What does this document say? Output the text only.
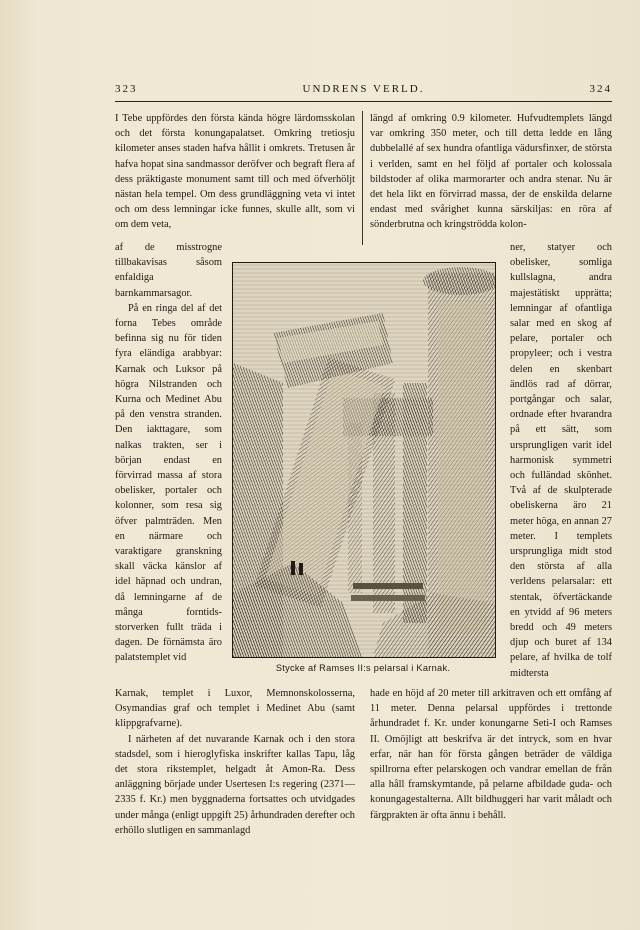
323	UNDRENS VERLD.	324

I Tebe uppfördes den första kända högre lärdomsskolan och det första konungapalatset. Omkring tretiosju kilometer anses staden hafva hållit i omkrets. Tretusen år hafva hopat sina sandmassor deröfver och begraft flera af dess präktigaste monument samt till och med öfverhöljt nästan hela tempel. Om dess grundläggning veta vi intet och om dess lemningar icke funnes, skulle allt, som vi om dem veta,

af de misstrogne tillbakavisas såsom enfaldiga barnkammarsagor.

På en ringa del af det forna Tebes område befinna sig nu för tiden fyra eländiga arabbyar: Karnak och Luksor på högra Nilstranden och Kurna och Medinet Abu på den venstra stranden. Den iakttagare, som nalkas trakten, ser i början endast en förvirrad massa af stora obelisker, portaler och kolonner, som resa sig öfver palmträden. Men en närmare och varaktigare granskning skall väcka känslor af idel häpnad och undran, då lemningarne af de många forntids-storverken fullt träda i dagen. De förnämsta äro palatstemplet vid

Karnak, templet i Luxor, Memnonskolosserna, Osymandias graf och templet i Medinet Abu (samt klippgrafvarne).

I närheten af det nuvarande Karnak och i den stora stadsdel, som i hieroglyfiska inskrifter kallas Tapu, låg det stora rikstemplet, helgadt åt Amon-Ra. Dess anläggning började under Usertesen I:s regering (2371—2335 f. Kr.) men byggnaderna fortsattes och utvidgades under många (enligt uppgift 25) århundraden derefter och erhöllo slutligen en sammanlagd

längd af omkring 0.9 kilometer. Hufvudtemplets längd var omkring 350 meter, och till detta ledde en lång dubbelallé af sex hundra ofantliga vädursfinxer, de största i verlden, samt en hel följd af portaler och kolossala bildstoder af olika marmorarter och andra stenar. Nu är det hela likt en förvirrad massa, der de enskilda delarne endast med svårighet kunna särskiljas: en röra af sönderbrutna och kringströdda kolon-

ner, statyer och obelisker, somliga kullslagna, andra majestätiskt upprätta; lemningar af ofantliga salar med en skog af pelare, portaler och propyleer; och i vestra delen en skenbart ändlös rad af dörrar, portgångar och salar, ordnade efter hvarandra på ett sätt, som ursprungligen varit idel harmonisk symmetri och fulländad skönhet. Två af de skulpterade obeliskerna äro 21 meter höga, en annan 27 meter. I templets ursprungliga midt stod den största af alla verldens pelarsalar: ett stentak, öfvertäckande en ytvidd af 96 meters bredd och 49 meters djup och buret af 134 pelare, af hvilka de tolf midtersta

hade en höjd af 20 meter till arkitraven och ett omfång af 11 meter. Denna pelarsal uppfördes i trettonde århundradet f. Kr. under konungarne Seti-I och Ramses II. Omöjligt att beskrifva är det intryck, som en hvar erfar, när han för första gången beträder de väldiga spillrorna efter pelarskogen och vandrar emellan de från alla håll framskymtande, på pelarne afbildade guda- och konungagestalterna. Allt bildhuggeri har varit måladt och färgprakten är ofta ännu i behåll.

Stycke af Ramses II:s pelarsal i Karnak.
